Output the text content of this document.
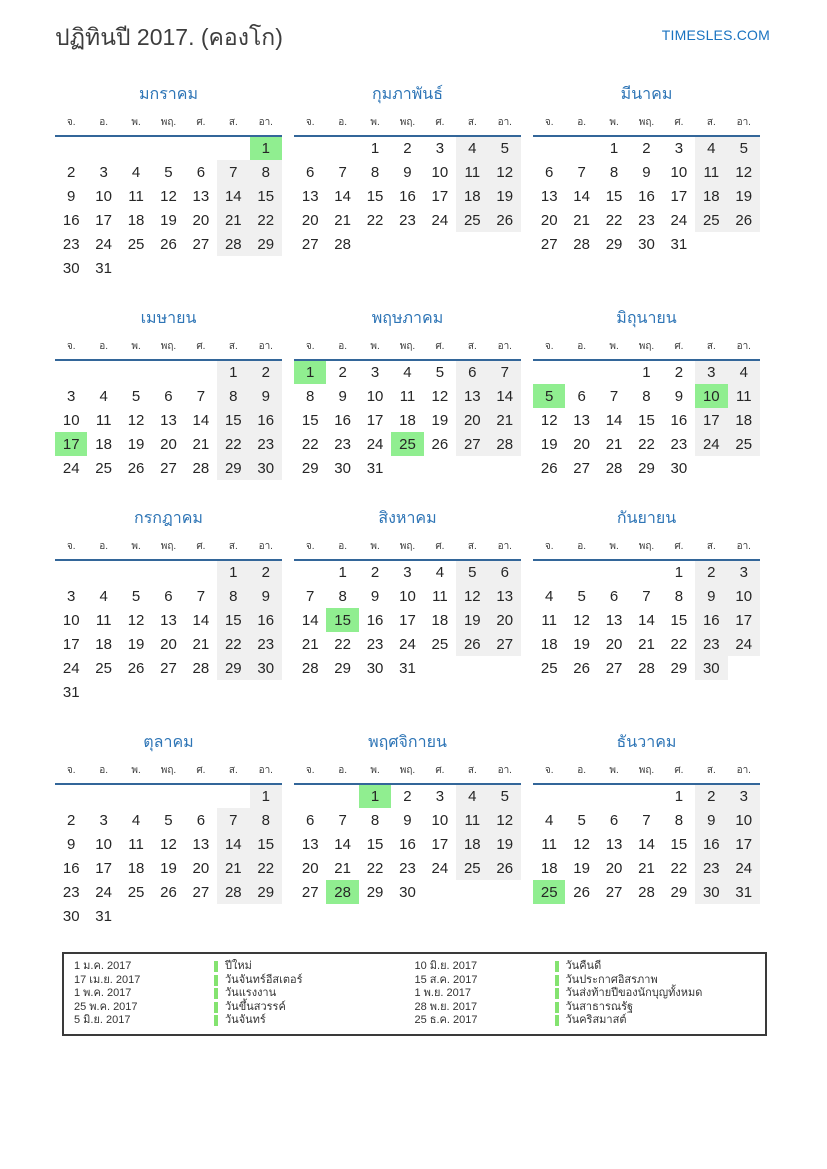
ปฏิทินปี 2017. (คองโก)	TIMESLES.COM
มกราคม
จ.	อ.	พ.	พฤ.	ศ.	ส.	อา.
						1
2	3	4	5	6	7	8
9	10	11	12	13	14	15
16	17	18	19	20	21	22
23	24	25	26	27	28	29
30	31					
กุมภาพันธ์
จ.	อ.	พ.	พฤ.	ศ.	ส.	อา.
		1	2	3	4	5
6	7	8	9	10	11	12
13	14	15	16	17	18	19
20	21	22	23	24	25	26
27	28					
มีนาคม
จ.	อ.	พ.	พฤ.	ศ.	ส.	อา.
		1	2	3	4	5
6	7	8	9	10	11	12
13	14	15	16	17	18	19
20	21	22	23	24	25	26
27	28	29	30	31		
เมษายน
จ.	อ.	พ.	พฤ.	ศ.	ส.	อา.
					1	2
3	4	5	6	7	8	9
10	11	12	13	14	15	16
17	18	19	20	21	22	23
24	25	26	27	28	29	30
พฤษภาคม
จ.	อ.	พ.	พฤ.	ศ.	ส.	อา.
1	2	3	4	5	6	7
8	9	10	11	12	13	14
15	16	17	18	19	20	21
22	23	24	25	26	27	28
29	30	31				
มิถุนายน
จ.	อ.	พ.	พฤ.	ศ.	ส.	อา.
			1	2	3	4
5	6	7	8	9	10	11
12	13	14	15	16	17	18
19	20	21	22	23	24	25
26	27	28	29	30		
กรกฎาคม
จ.	อ.	พ.	พฤ.	ศ.	ส.	อา.
					1	2
3	4	5	6	7	8	9
10	11	12	13	14	15	16
17	18	19	20	21	22	23
24	25	26	27	28	29	30
31						
สิงหาคม
จ.	อ.	พ.	พฤ.	ศ.	ส.	อา.
	1	2	3	4	5	6
7	8	9	10	11	12	13
14	15	16	17	18	19	20
21	22	23	24	25	26	27
28	29	30	31			
กันยายน
จ.	อ.	พ.	พฤ.	ศ.	ส.	อา.
				1	2	3
4	5	6	7	8	9	10
11	12	13	14	15	16	17
18	19	20	21	22	23	24
25	26	27	28	29	30	
ตุลาคม
จ.	อ.	พ.	พฤ.	ศ.	ส.	อา.
						1
2	3	4	5	6	7	8
9	10	11	12	13	14	15
16	17	18	19	20	21	22
23	24	25	26	27	28	29
30	31					
พฤศจิกายน
จ.	อ.	พ.	พฤ.	ศ.	ส.	อา.
		1	2	3	4	5
6	7	8	9	10	11	12
13	14	15	16	17	18	19
20	21	22	23	24	25	26
27	28	29	30			
ธันวาคม
จ.	อ.	พ.	พฤ.	ศ.	ส.	อา.
				1	2	3
4	5	6	7	8	9	10
11	12	13	14	15	16	17
18	19	20	21	22	23	24
25	26	27	28	29	30	31
1 ม.ค. 2017	ปีใหม่
17 เม.ย. 2017	วันจันทร์อีสเตอร์
1 พ.ค. 2017	วันแรงงาน
25 พ.ค. 2017	วันขึ้นสวรรค์
5 มิ.ย. 2017	วันจันทร์
10 มิ.ย. 2017	วันคืนดี
15 ส.ค. 2017	วันประกาศอิสรภาพ
1 พ.ย. 2017	วันส่งท้ายปีของนักบุญทั้งหมด
28 พ.ย. 2017	วันสาธารณรัฐ
25 ธ.ค. 2017	วันคริสมาสต์
